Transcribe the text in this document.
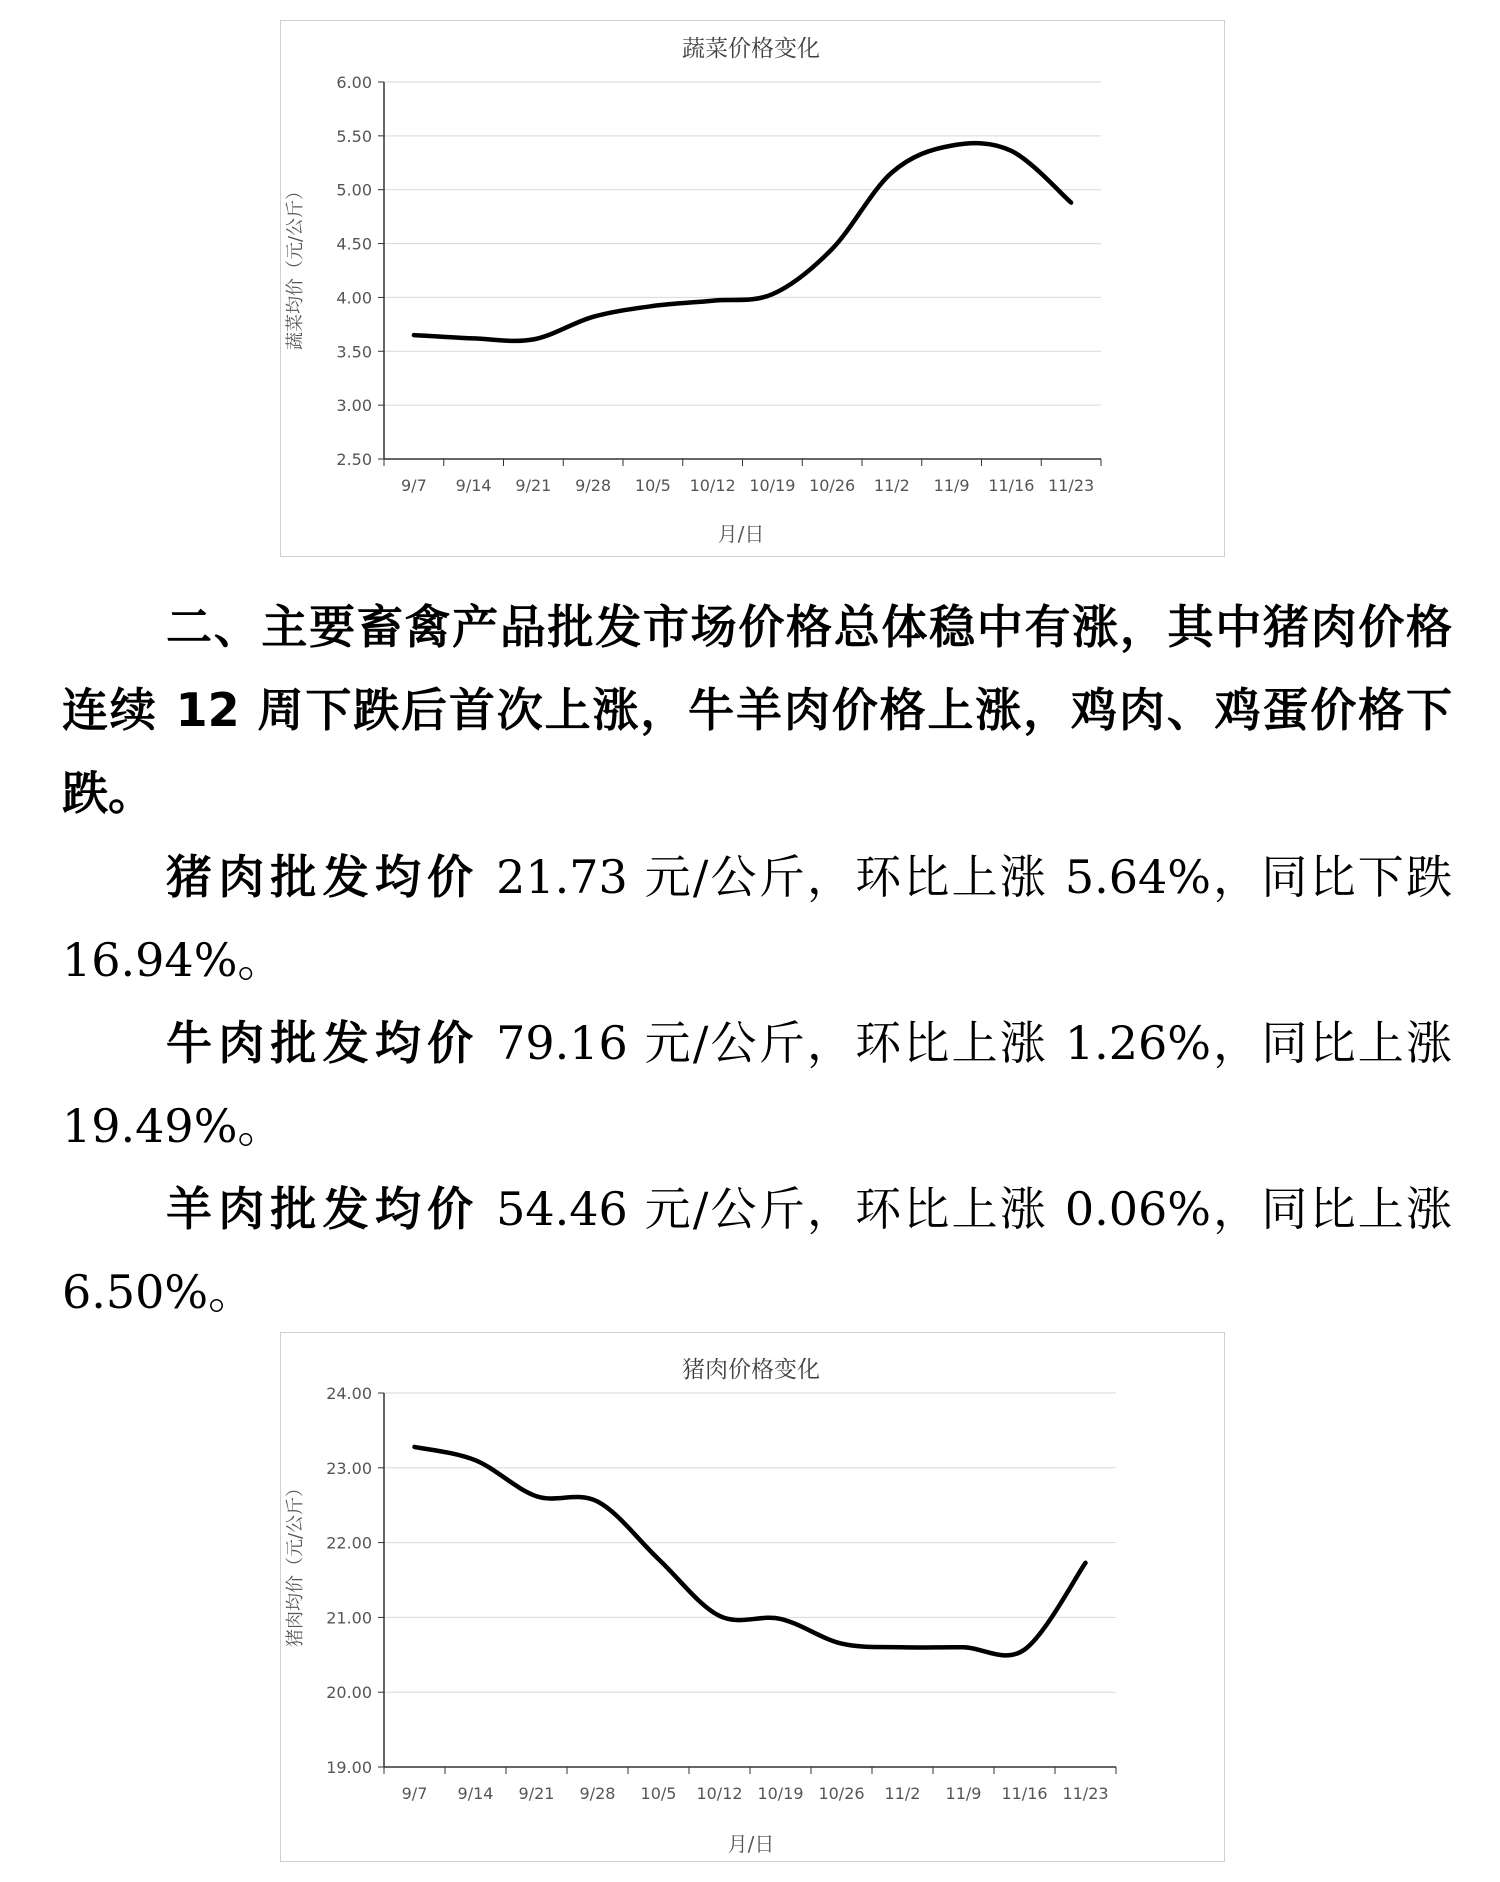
蔬菜价格变化
蔬菜均价（元/公斤）
月/日
2.50
3.00
3.50
4.00
4.50
5.00
5.50
6.00
9/7 9/14 9/21 9/28 10/5 10/12 10/19 10/26 11/2 11/9 11/16 11/23

二、主要畜禽产品批发市场价格总体稳中有涨，其中猪肉价格连续 12 周下跌后首次上涨，牛羊肉价格上涨，鸡肉、鸡蛋价格下跌。

猪肉批发均价 21.73 元/公斤，环比上涨 5.64%，同比下跌 16.94%。

牛肉批发均价 79.16 元/公斤，环比上涨 1.26%，同比上涨 19.49%。

羊肉批发均价 54.46 元/公斤，环比上涨 0.06%，同比上涨 6.50%。

猪肉价格变化
猪肉均价（元/公斤）
月/日
19.00
20.00
21.00
22.00
23.00
24.00
9/7 9/14 9/21 9/28 10/5 10/12 10/19 10/26 11/2 11/9 11/16 11/23
